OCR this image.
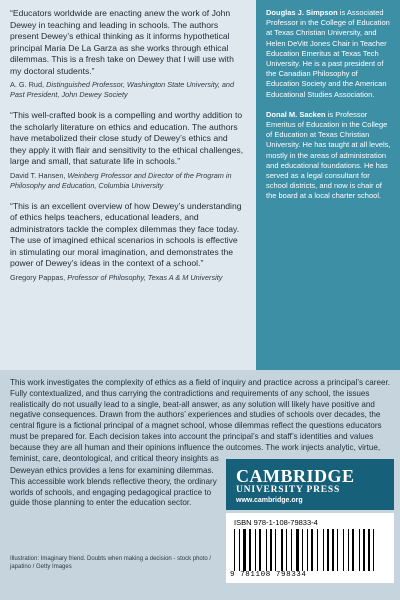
“Educators worldwide are enacting anew the work of John Dewey in teaching and leading in schools. The authors present Dewey’s ethical thinking as it informs hypothetical principal Maria De La Garza as she works through ethical dilemmas. This is a fresh take on Dewey that I will use with my doctoral students.”

A. G. Rud, Distinguished Professor, Washington State University, and Past President, John Dewey Society

“This well-crafted book is a compelling and worthy addition to the scholarly literature on ethics and education. The authors have metabolized their close study of Dewey’s ethics and they apply it with flair and sensitivity to the ethical challenges, large and small, that saturate life in schools.”

David T. Hansen, Weinberg Professor and Director of the Program in Philosophy and Education, Columbia University

“This is an excellent overview of how Dewey’s understanding of ethics helps teachers, educational leaders, and administrators tackle the complex dilemmas they face today. The use of imagined ethical scenarios in schools is effective in stimulating our moral imagination, and demonstrates the power of Dewey’s ideas in the context of a school.”

Gregory Pappas, Professor of Philosophy, Texas A & M University

Douglas J. Simpson is Associated Professor in the College of Education at Texas Christian University, and Helen DeVitt Jones Chair in Teacher Education Emeritus at Texas Tech University. He is a past president of the Canadian Philosophy of Education Society and the American Educational Studies Association.

Donal M. Sacken is Professor Emeritus of Education in the College of Education at Texas Christian University. He has taught at all levels, mostly in the areas of administration and educational foundations. He has served as a legal consultant for school districts, and now is chair of the board at a local charter school.

This work investigates the complexity of ethics as a field of inquiry and practice across a principal’s career. Fully contextualized, and thus carrying the contradictions and requirements of any school, the issues realistically do not usually lead to a single, beat-all answer, as any solution will likely have positive and negative consequences. Drawn from the authors’ experiences and studies of schools over decades, the central figure is a fictional principal of a magnet school, whose dilemmas reflect the questions educators must be prepared for. Each decision takes into account the principal’s and staff’s identities and values because they are all human and their opinions influence the outcomes. The work injects analytic, virtue, feminist, care, deontological, and critical theory insights as

Deweyan ethics provides a lens for examining dilemmas. This accessible work blends reflective theory, the ordinary worlds of schools, and engaging pedagogical practice to guide those planning to enter the education sector.

Illustration: Imaginary friend. Doubts when making a decision - stock photo / japatino / Getty Images

CAMBRIDGE

UNIVERSITY PRESS

www.cambridge.org

ISBN 978-1-108-79833-4

9 781108 798334
